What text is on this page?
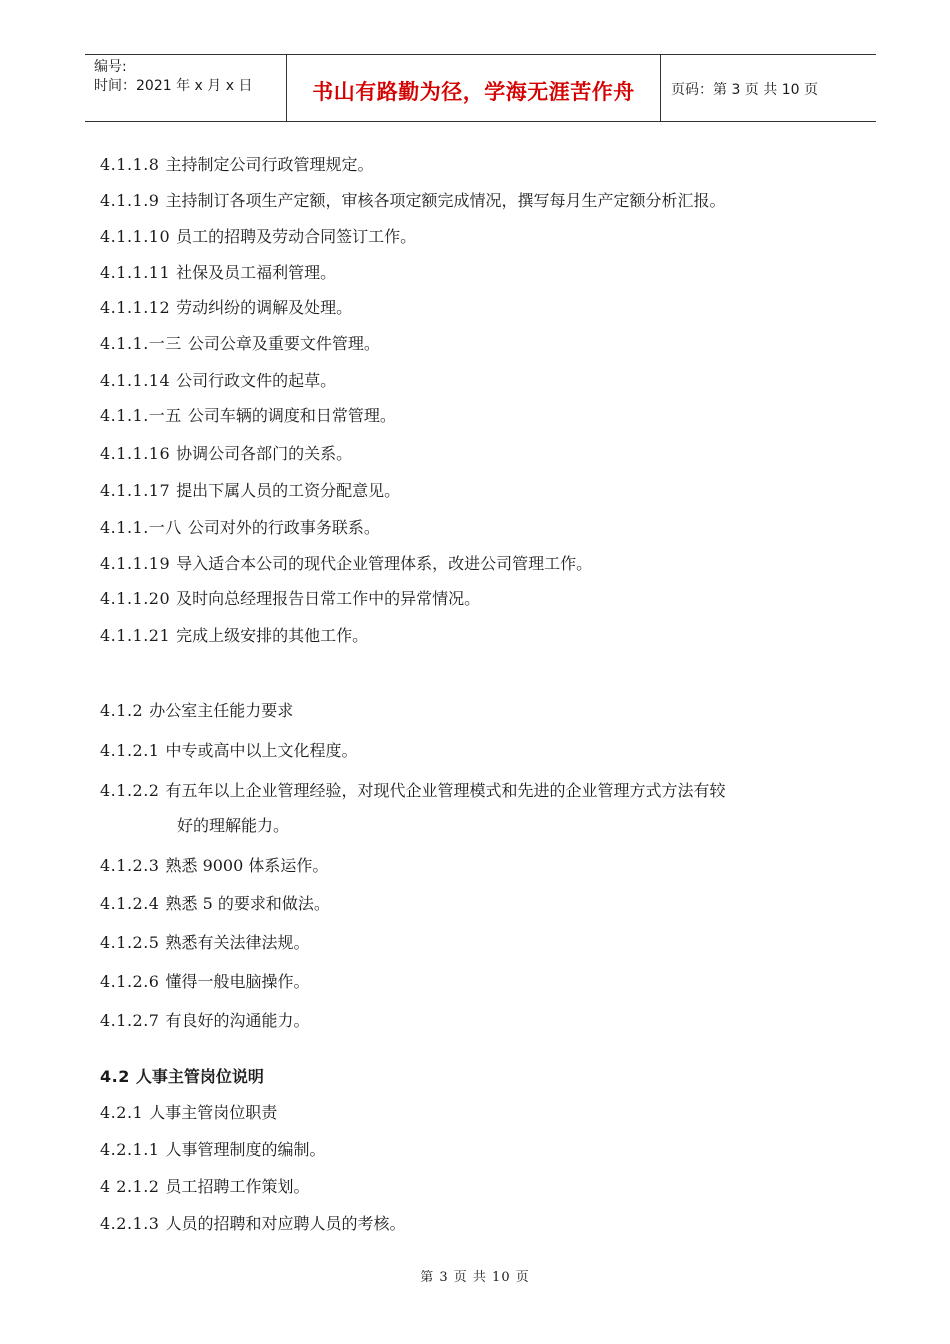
编号:
时间：2021 年 x 月 x 日	书山有路勤为径，学海无涯苦作舟	页码：第 3 页 共 10 页

4.1.1.8 主持制定公司行政管理规定。

4.1.1.9 主持制订各项生产定额，审核各项定额完成情况，撰写每月生产定额分析汇报。

4.1.1.10 员工的招聘及劳动合同签订工作。

4.1.1.11 社保及员工福利管理。

4.1.1.12 劳动纠纷的调解及处理。

4.1.1.一三 公司公章及重要文件管理。

4.1.1.14 公司行政文件的起草。

4.1.1.一五 公司车辆的调度和日常管理。

4.1.1.16 协调公司各部门的关系。

4.1.1.17 提出下属人员的工资分配意见。

4.1.1.一八 公司对外的行政事务联系。

4.1.1.19 导入适合本公司的现代企业管理体系，改进公司管理工作。

4.1.1.20 及时向总经理报告日常工作中的异常情况。

4.1.1.21 完成上级安排的其他工作。

4.1.2 办公室主任能力要求

4.1.2.1 中专或高中以上文化程度。

4.1.2.2 有五年以上企业管理经验，对现代企业管理模式和先进的企业管理方式方法有较

好的理解能力。

4.1.2.3 熟悉 9000 体系运作。

4.1.2.4 熟悉 5 的要求和做法。

4.1.2.5 熟悉有关法律法规。

4.1.2.6 懂得一般电脑操作。

4.1.2.7 有良好的沟通能力。

4.2 人事主管岗位说明

4.2.1 人事主管岗位职责

4.2.1.1 人事管理制度的编制。

4 2.1.2 员工招聘工作策划。

4.2.1.3 人员的招聘和对应聘人员的考核。

第 3 页 共 10 页
